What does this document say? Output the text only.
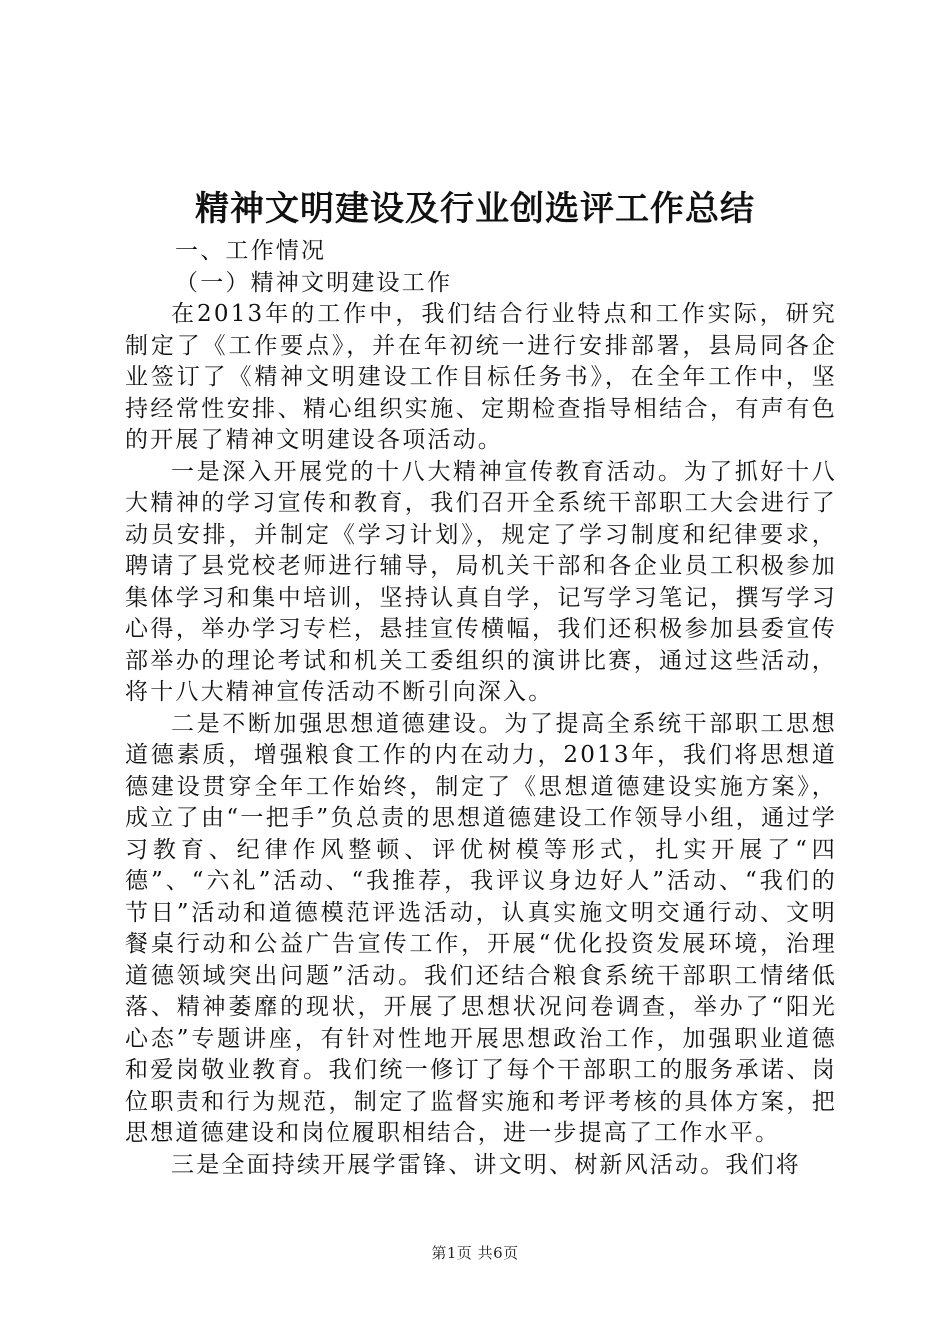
精神文明建设及行业创选评工作总结

一、工作情况

（一）精神文明建设工作

在2013年的工作中，我们结合行业特点和工作实际，研究制定了《工作要点》，并在年初统一进行安排部署，县局同各企业签订了《精神文明建设工作目标任务书》，在全年工作中，坚持经常性安排、精心组织实施、定期检查指导相结合，有声有色的开展了精神文明建设各项活动。

一是深入开展党的十八大精神宣传教育活动。为了抓好十八大精神的学习宣传和教育，我们召开全系统干部职工大会进行了动员安排，并制定《学习计划》，规定了学习制度和纪律要求，聘请了县党校老师进行辅导，局机关干部和各企业员工积极参加集体学习和集中培训，坚持认真自学，记写学习笔记，撰写学习心得，举办学习专栏，悬挂宣传横幅，我们还积极参加县委宣传部举办的理论考试和机关工委组织的演讲比赛，通过这些活动，将十八大精神宣传活动不断引向深入。

二是不断加强思想道德建设。为了提高全系统干部职工思想道德素质，增强粮食工作的内在动力，2013年，我们将思想道德建设贯穿全年工作始终，制定了《思想道德建设实施方案》，成立了由“一把手”负总责的思想道德建设工作领导小组，通过学习教育、纪律作风整顿、评优树模等形式，扎实开展了“四德”、“六礼”活动、“我推荐，我评议身边好人”活动、“我们的节日”活动和道德模范评选活动，认真实施文明交通行动、文明餐桌行动和公益广告宣传工作，开展“优化投资发展环境，治理道德领域突出问题”活动。我们还结合粮食系统干部职工情绪低落、精神萎靡的现状，开展了思想状况问卷调查，举办了“阳光心态”专题讲座，有针对性地开展思想政治工作，加强职业道德和爱岗敬业教育。我们统一修订了每个干部职工的服务承诺、岗位职责和行为规范，制定了监督实施和考评考核的具体方案，把思想道德建设和岗位履职相结合，进一步提高了工作水平。

三是全面持续开展学雷锋、讲文明、树新风活动。我们将

第1页 共6页
